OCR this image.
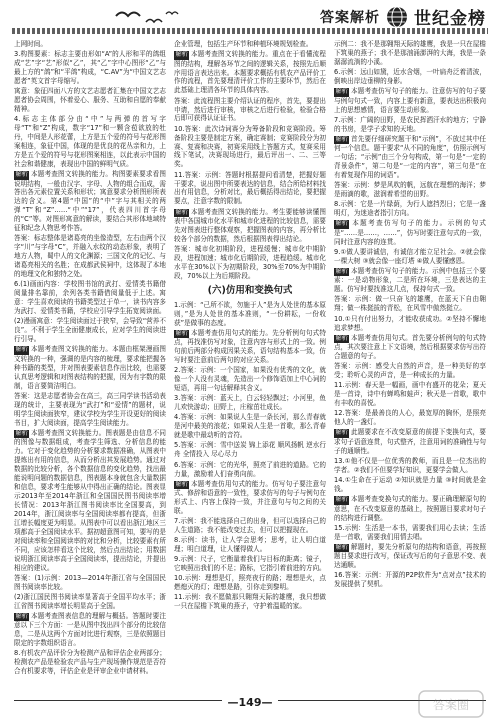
答案解析 世纪金榜

上网时间。

3.构图要素：标志主要由形如“A”的人形和平的鸽组成“艺”字“艺”形似“乙”，其“乙”字中心图形“乙”与最上方的“鸽”和“平鸽”构成，“C.AV”为“中国文艺志愿者”英文首字母缩写。

寓意：象征四面八方的文艺志愿者汇集在中国文艺志愿者协会周围，怀着爱心、服务、互助和自愿的奉献精神。

4.标志主体部分由“中”与两弹的首写字母“T”和“Z”构成，数字“17”和一颗含苞欲放的牡丹，中间是人形花蕾，上方是五个爱的符号与花形图案相连，象征中国，体现的是优良的花丛亲和力，上方是五个爱的符号与花形图案相连，以此表示中国的社会和谐健康，表现出中国的鲜明气质。

解析 本题考查图文转换的能力。构图要素要求看图说明结构，一般由汉字、字母、人物的组合而成，需答出各元素位置关系和形状；寓意要求分析图形所表达的含义。第4题“中国”的“中”字与其相关的两弹“T”和“Z”……“中”“17”，代表四川首字母的“C”等。对图形寓意的解读，要结合其形体地域特征和纪念人物思考作答。

答案：标志整体是诸葛亮的坐像造型，左右由两个汉字“川”与字母“C”，并融入水纹的动态形象，表明了地方人物，蜀中人的文化渊源；三国文化的记忆、与诸葛亮相关的名胜；在成都武侯祠中，这体现了本地的地理文化和独特之处。

6.(1)画面内容：学校图书馆的武打、爱情类书籍借阅量排名靠前，余列各类书籍借阅量低于上述。寓意：学生喜欢阅读的书籍类型过于单一，读书内容多为武打、爱情类书籍，学校应引导学生拓宽阅读面。

(2)漫画寓意：学生阅读面过于狭窄，会导致“营养不良”。不利于学生全面健康成长，应对学生的阅读进行引导。

解析 本题考查图文转换的能力。本题由框架漫画图文转换的一种，强调的是内容的梳理，要求能把握各种书籍的类型，并对图表要素信息作出比较，也需要认真思考逻辑和对图表结构的把握，因为有字数的限制，语言要简洁明白。

答案：这是志愿者协会在高三，高三同学读书活动表现的统计，主要表现为“武打”和“爱情”的题材，说明学生阅读面狭窄，建议学校为学生开设更好的阅读书目，扩大阅读面，提高学生阅读能力。

解析 本题考查图文转换能力。图表题是由信息不同的图像与数据组成，考查学生筛选、分析信息的能力。它对于变化趋势的分析要求数据准确，从图表中提炼出有用的信息，从而分析出其发展趋势。通过对数据的比较分析，各个数据信息的变化趋势，找出最能说明问题的数据信息，图表题本身就包含大量数据和信息，要求考生能够从中得出正确的结论。图表显示2013年至2014年浙江和全国国民图书阅读率增长情况：2013年浙江图书阅读率比全国要高，到2014年，浙江阅读率与全国阅读率都有提高，但浙江增长幅度更为明显。从图表中可以看出浙江地区三项都高于全国阅读水平。据初超意图可知，要写的是对阅读率和全国阅读率的对比和分析，比较要素有所不同，应该怎样看这个比较，然后点出结论；用数据说明浙江阅读率高于全国阅读率，提出结论，并提出相应的建议。

答案：(1)示例：2013—2014年浙江省与全国国民图书阅读率比较。

(2)浙江国民图书阅读率显著高于全国平均水平；浙江省图书阅读率增长明显高于全国。

解析 本题考查图表信息的理解与概括。答题时要注意以下三个方面：一是从图中找出四个部分的比较信息，二是从这两个方面对比进行观察，三是依照题目限定的字数组织语言。

8.有机农产品评价分为检测产品和评估企业两部分；检测农产品是检验农产品与生产现场操作规范是否符合有机要求等，评估企业是评审企业申请材料。

企业管理，包括生产环节和种植环境规划检查。

解析 本题考查图文转换的能力。重点在于看懂流程图的结构，理解各环节之间的逻辑关系，按照先后顺序用语言表达出来。本题要求概括有机农产品评价工作的流程，首先要理清评价工作的主要环节，然后在此基础上理清各环节的具体内容。

答案：此流程图主要介绍认证的程序，首先，要提出申请，然后进行审核，审核之后进行检验，检验合格后即可获得认证证书。

10.答案：此次诗词赛分为筹备阶段和竞赛阶段。筹备阶段主要是制定方案，确定赛制；竞赛阶段分为初赛、复赛和决赛，初赛采用线上答题方式，复赛采用线下笔试，决赛现场进行，最后评出一、二、三等奖。

11.答案：示例：答题时根据提问看清楚，把握好题干要求，说出图中所要表达的信息，结合所给材料找出有用信息，分析对比，最后概括得出结论，要把握要点，注意字数的限制。

解析 本题考查图文转换的能力。考生要能够读懂图表中各国城市化水平和城市化进程的比较信息，需要先对图表进行整体观察，把握图表的内容，再分析比较各个部分的数据，然后根据图表得出结论。

答案：城市化初期阶段，进程缓慢；城市化中期阶段，进程加速；城市化后期阶段，进程趋缓。城市化水平在30%以下为初期阶段，30%至70%为中期阶段，70%以上为后期阶段。

(六)仿用和变换句式

1.示例：“己所不欲，勿施于人”是为人处世的基本原则，”是为人处世的基本准则，“一份耕耘，一份收获”是做事的态度。

解析 本题考查仿用句式的能力。先分析例句句式特点，再找准仿写对象，注意内容与形式上的一致。例句前后两部分构成因果关系，语句结构基本一致，仿写时要注意前后两句的对应关系。

2.答案：示例：一个国家，如果没有优秀的文化，就像一个人没有灵魂，先造出一个修饰语加上中心词的短语，再用一句话解释其含义。

3.答案：示例：蓝天上，白云轻轻飘过；小河里，鱼儿欢快游动；田野上，庄稼茁壮成长。

4.答案：示例：如果说人生是一条长河，那么青春就是河中最美的浪花；如果说人生是一首歌，那么青春就是歌中最动听的音符。

5.答案：示例：雪中送炭 锦上添花 顺风扬帆 逆水行舟 全情投入 尽心尽力

6.答案：示例：它的光华，照亮了前进的道路。它的力量，激励着人们奋勇向前。

解析 本题考查仿用句式的能力。仿写句子要注意句式、修辞和语意的一致性，要求仿写的句子与例句在形式上、内容上保持一致，并注意句与句之间的关联。

7.示例：我不能选择自己的出身，但可以选择自己的人生道路；我不能改变过去，但可以把握现在。

8.示例：读书，让人学会思考；思考，让人明白道理；明白道理，让人懂得做人。

9.示例：尺子，它衡量着我们与目标的距离；镜子，它映照出我们的不足；路标，它指引着前进的方向。

10.示例：理想是灯，照亮夜行的路；理想是火，点燃熄灭的灯；理想是路，引你走到黎明。

11.示例：我不愿做那只翱翔天际的雄鹰，我只想做一只在屋檐下筑巢的燕子，守护着温暖的家。

示例二：我不是那翱翔天际的雄鹰，我是一只在屋檐下筑巢的燕子；我不是那汹涌澎湃的大海，我是一条潺潺流淌的小溪。

6.示例：远山如黛，近水含烟，一叶扁舟泛着清波，倒映出岸边垂柳的身影。

解析 本题考查仿写句子的能力。注意仿写的句子要与例句句式一致，内容上要有新意，要表达出积极向上的思想感情，语言要生动形象。

7.示例：广阔的田野，是农民挥洒汗水的地方；宁静的书房，是学子求知的天地。

解析 首先要仔细研究题干和“示例”，不放过其中任何一个信息。题干要求“从不同的角度”，仿照示例写一句话；“示例”由三个分句构成，第一句是“一定的背景条件”，第二句是“一定的内容”，第三句是“在有着复现作用的词语”。

答案：示例：梦是风吹的帆，远航在理想的海洋；梦是雨滴的歌，滋润着希望的田野。

8.示例：它是一片绿荫，为行人遮挡烈日；它是一盏明灯，为迷途者指引方向。

解析 本题考查仿写句子的能力。示例的句式是“……是……，……”，仿写时要注意句式的一致，同时注意内容的连贯。

9.①做人要讲诚信，有诚信才能立足社会。②就会像一棵大树 ③就会像一座灯塔 ④做人要懂感恩。

解析 本题考查仿写句子的能力。示例中包括三个要素：一是动物形象，二是所在环境，三是表达的主题。仿写时要找准这几点，保持句式一致。

答案：示例：做一只奋飞的雄鹰，在蓝天下自由翱翔；做一株挺拔的青松，在风雪中傲然挺立。

10.①只有付出努力，才能收获成功。②坚持不懈地追求梦想。

解析 本题考查仿用句式。首先要分析例句的句式特点，其次要注意上下文语境，然后根据要求仿写出符合题意的句子。

答案：示例：感受大自然的声音，是一种美好的享受；聆听心灵的声音，是一种成长的力量。

11.示例：春天是一幅画，画中有盛开的花朵；夏天是一首诗，诗中有蝉鸣和蛙声；秋天是一首歌，歌中有丰收的喜悦。

12.答案：是最善良的人心，最宽厚的胸怀，是照亮他人的一盏灯。

解析 此题要求在不改变原意的前提下变换句式，要求句子语意连贯，句式整齐，注意用词的准确性与句子的通顺性。

13.①他不仅是一位优秀的教师，而且是一位杰出的学者。②我们不但要学好知识，更要学会做人。

14.①生命在于运动 ②知识就是力量 ③时间就是金钱。

解析 本题考查变换句式的能力。要正确理解原句的意思，在不改变原意的基础上，按照题目要求对句子的结构进行调整。

15.示例：生活是一本书，需要我们用心去读；生活是一首歌，需要我们用情去唱。

解析 解题时，要先分析原句的结构和语意，再按照题目要求进行改写，保证改写后的句子意思不变、表达通顺。

16.答案：示例：开源的P2P软件为“点对点”技术的发展提供了契机。

—149—	答案圈
